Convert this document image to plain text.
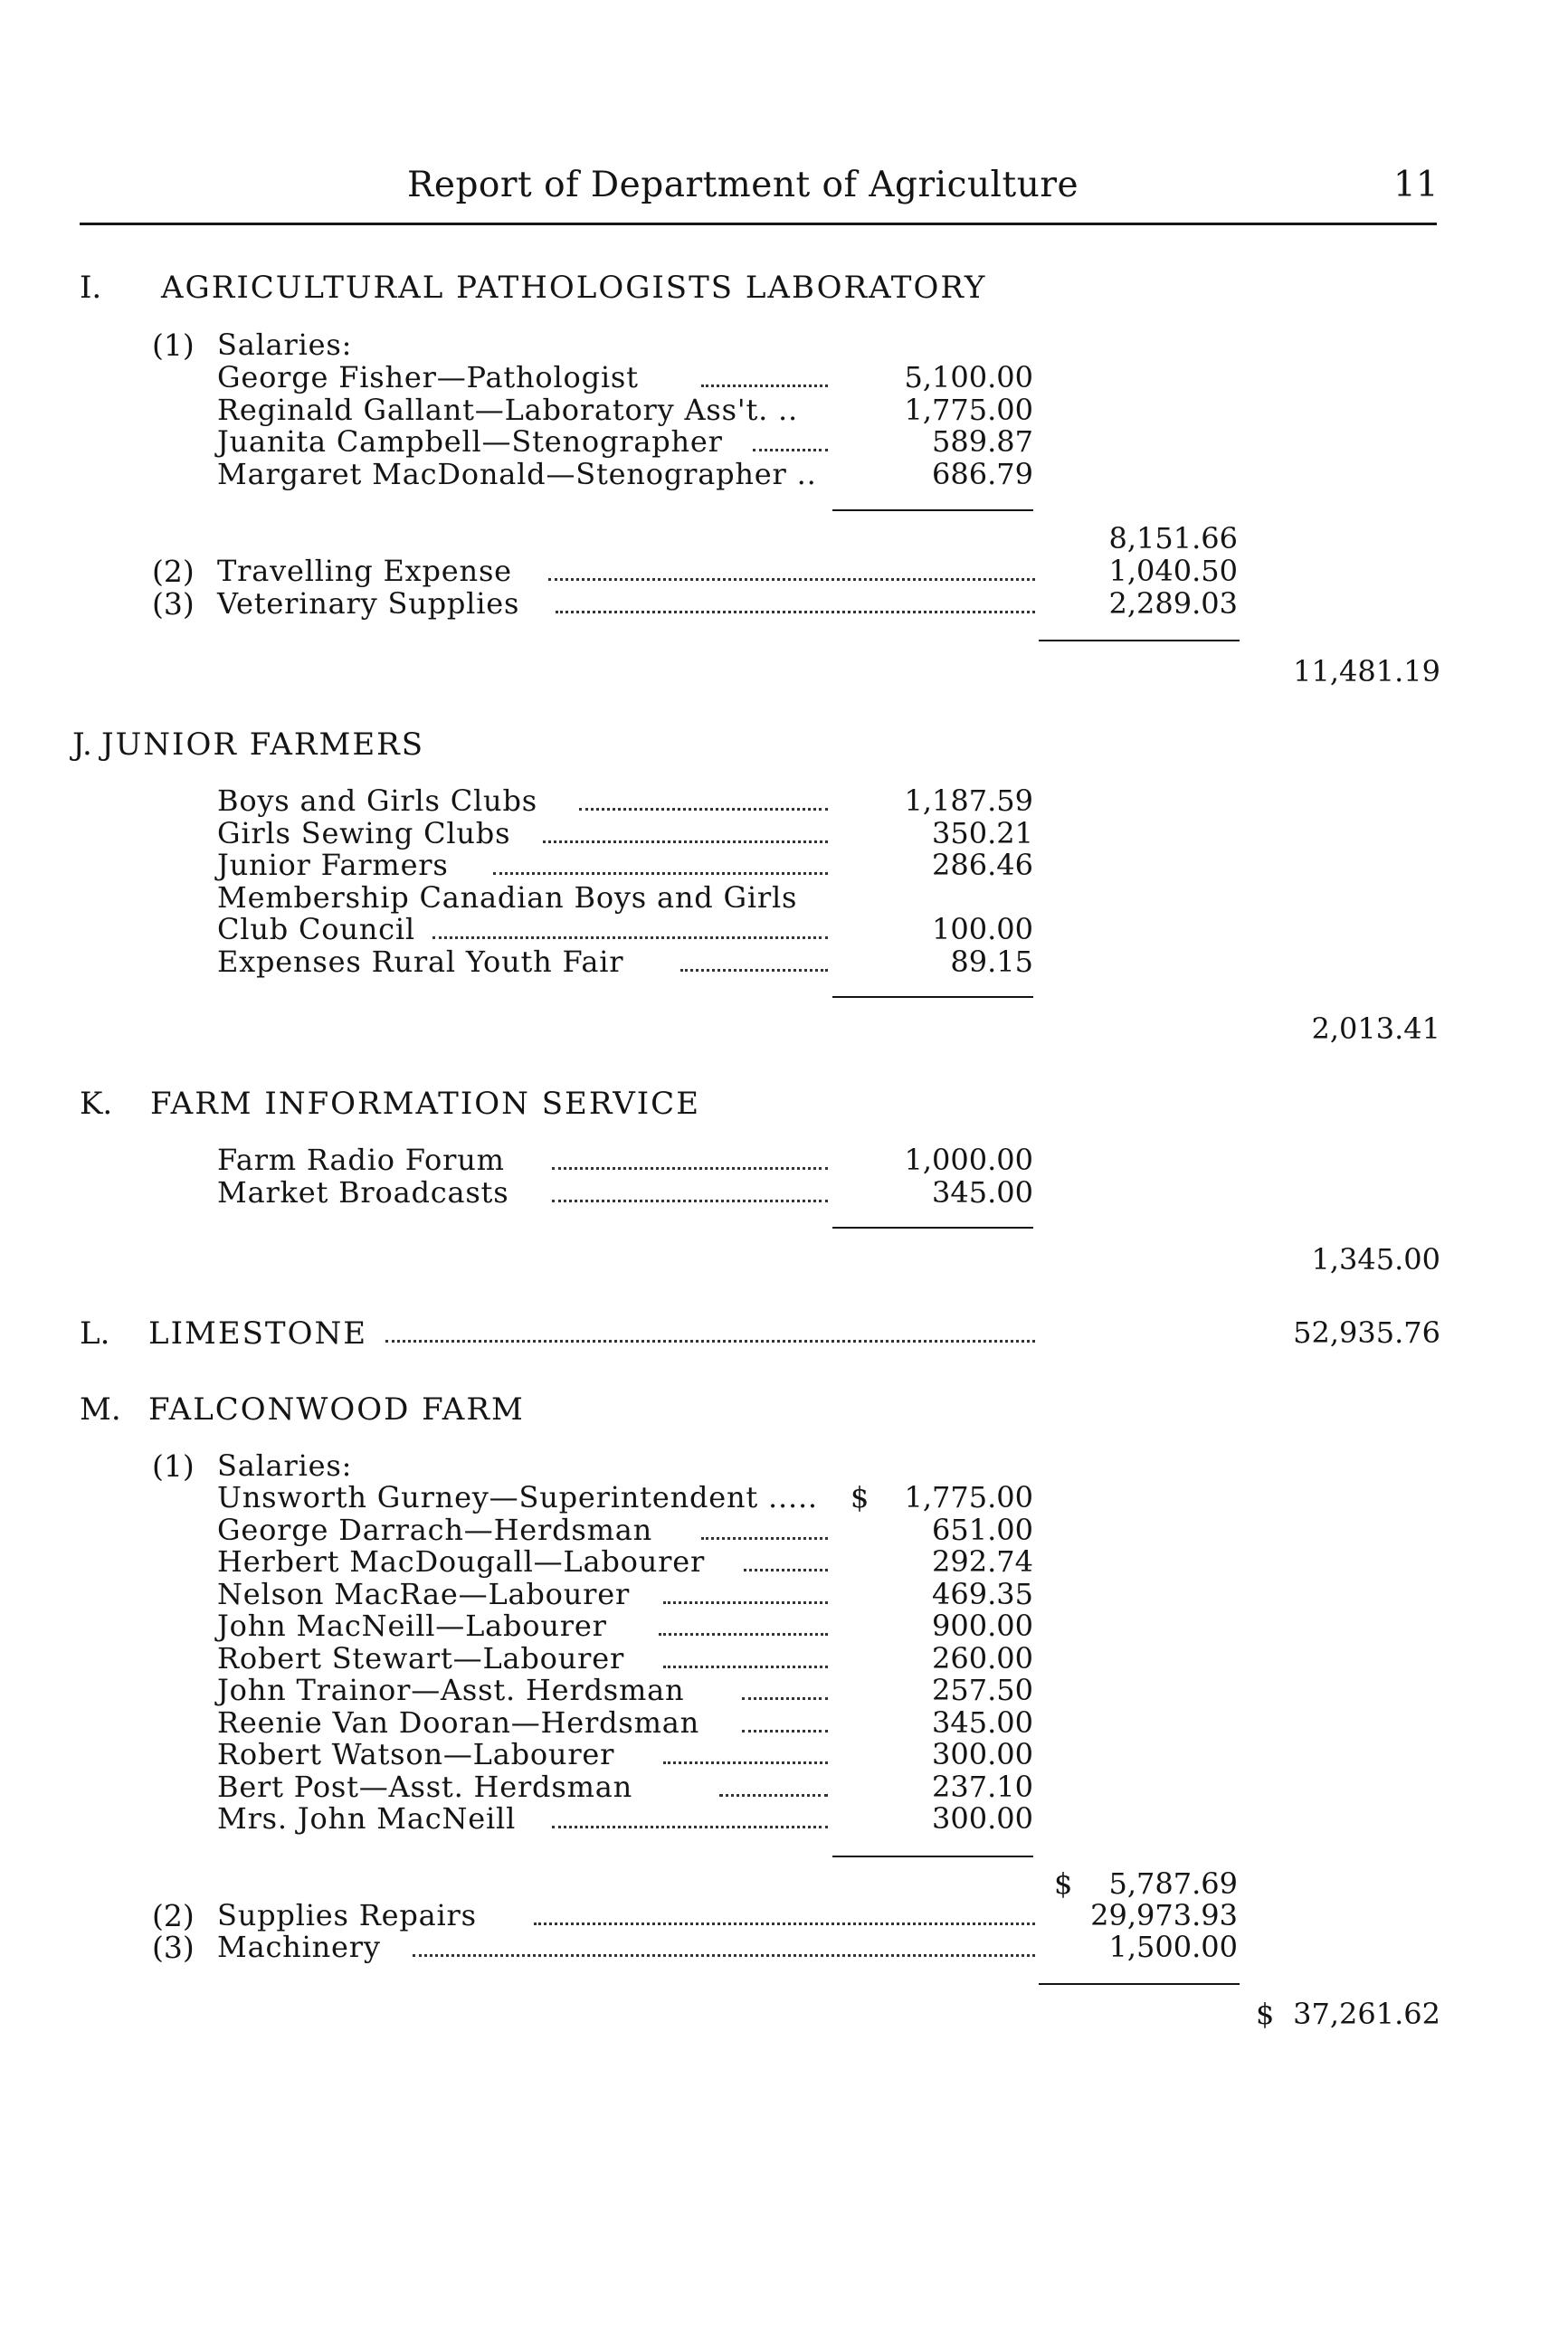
Report of Department of Agriculture	11
I. AGRICULTURAL PATHOLOGISTS LABORATORY
(1) Salaries:
George Fisher—Pathologist	5,100.00
Reginald Gallant—Laboratory Ass't. ..	1,775.00
Juanita Campbell—Stenographer	589.87
Margaret MacDonald—Stenographer ..	686.79
8,151.66
(2) Travelling Expense	1,040.50
(3) Veterinary Supplies	2,289.03
11,481.19
J. JUNIOR FARMERS
Boys and Girls Clubs	1,187.59
Girls Sewing Clubs	350.21
Junior Farmers	286.46
Membership Canadian Boys and Girls
Club Council	100.00
Expenses Rural Youth Fair	89.15
2,013.41
K. FARM INFORMATION SERVICE
Farm Radio Forum	1,000.00
Market Broadcasts	345.00
1,345.00
L. LIMESTONE	52,935.76
M. FALCONWOOD FARM
(1) Salaries:
Unsworth Gurney—Superintendent ..... $	1,775.00
George Darrach—Herdsman	651.00
Herbert MacDougall—Labourer	292.74
Nelson MacRae—Labourer	469.35
John MacNeill—Labourer	900.00
Robert Stewart—Labourer	260.00
John Trainor—Asst. Herdsman	257.50
Reenie Van Dooran—Herdsman	345.00
Robert Watson—Labourer	300.00
Bert Post—Asst. Herdsman	237.10
Mrs. John MacNeill	300.00
$	5,787.69
(2) Supplies Repairs	29,973.93
(3) Machinery	1,500.00
$ 37,261.62
